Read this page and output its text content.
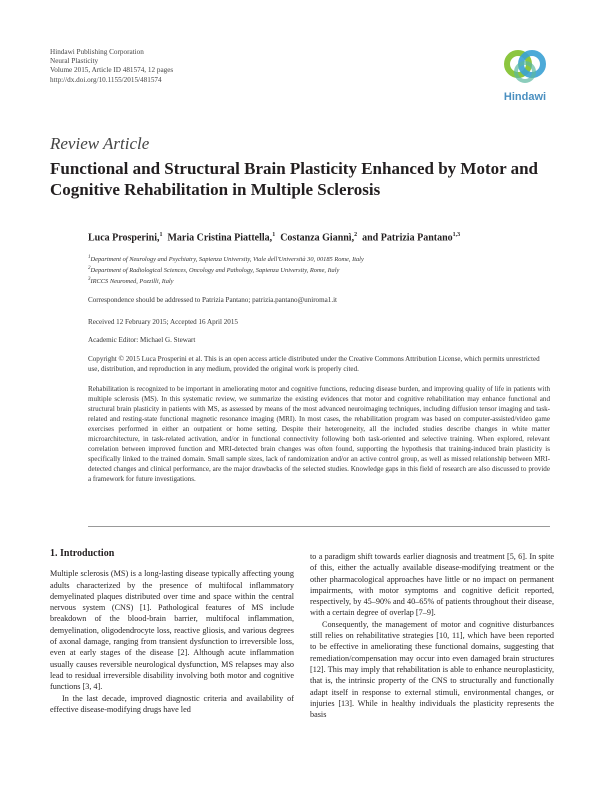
Hindawi Publishing Corporation
Neural Plasticity
Volume 2015, Article ID 481574, 12 pages
http://dx.doi.org/10.1155/2015/481574
Hindawi
Review Article
Functional and Structural Brain Plasticity Enhanced by Motor and Cognitive Rehabilitation in Multiple Sclerosis
Luca Prosperini,$^1$ Maria Cristina Piattella,$^1$ Costanza Giannì,$^2$ and Patrizia Pantano$^{1,3}$
$^1$Department of Neurology and Psychiatry, Sapienza University, Viale dell'Università 30, 00185 Rome, Italy
$^2$Department of Radiological Sciences, Oncology and Pathology, Sapienza University, Rome, Italy
$^3$IRCCS Neuromed, Pozzilli, Italy
Correspondence should be addressed to Patrizia Pantano; patrizia.pantano@uniroma1.it
Received 12 February 2015; Accepted 16 April 2015
Academic Editor: Michael G. Stewart
Copyright © 2015 Luca Prosperini et al. This is an open access article distributed under the Creative Commons Attribution License, which permits unrestricted use, distribution, and reproduction in any medium, provided the original work is properly cited.
Rehabilitation is recognized to be important in ameliorating motor and cognitive functions, reducing disease burden, and improving quality of life in patients with multiple sclerosis (MS). In this systematic review, we summarize the existing evidences that motor and cognitive rehabilitation may enhance functional and structural brain plasticity in patients with MS, as assessed by means of the most advanced neuroimaging techniques, including diffusion tensor imaging and task-related and resting-state functional magnetic resonance imaging (MRI). In most cases, the rehabilitation program was based on computer-assisted/video game exercises performed in either an outpatient or home setting. Despite their heterogeneity, all the included studies describe changes in white matter microarchitecture, in task-related activation, and/or in functional connectivity following both task-oriented and selective training. When explored, relevant correlation between improved function and MRI-detected brain changes was often found, supporting the hypothesis that training-induced brain plasticity is specifically linked to the trained domain. Small sample sizes, lack of randomization and/or an active control group, as well as missed relationship between MRI-detected changes and clinical performance, are the major drawbacks of the selected studies. Knowledge gaps in this field of research are also discussed to provide a framework for future investigations.
1. Introduction

Multiple sclerosis (MS) is a long-lasting disease typically affecting young adults characterized by the presence of multifocal inflammatory demyelinated plaques distributed over time and space within the central nervous system (CNS) [1]. Pathological features of MS include breakdown of the blood-brain barrier, multifocal inflammation, demyelination, oligodendrocyte loss, reactive gliosis, and various degrees of axonal damage, ranging from transient dysfunction to irreversible loss, even at early stages of the disease [2]. Although acute inflammation usually causes reversible neurological dysfunction, MS relapses may also lead to residual irreversible disability involving both motor and cognitive functions [3, 4].

In the last decade, improved diagnostic criteria and availability of effective disease-modifying drugs have led

to a paradigm shift towards earlier diagnosis and treatment [5, 6]. In spite of this, either the actually available disease-modifying treatment or the other pharmacological approaches have little or no impact on permanent impairments, with motor symptoms and cognitive deficit reported, respectively, by 45–90% and 40–65% of patients throughout their disease, with a certain degree of overlap [7–9].

Consequently, the management of motor and cognitive disturbances still relies on rehabilitative strategies [10, 11], which have been reported to be effective in ameliorating these functional domains, suggesting that remediation/compensation may occur into even damaged brain structures [12]. This may imply that rehabilitation is able to enhance neuroplasticity, that is, the intrinsic property of the CNS to structurally and functionally adapt itself in response to external stimuli, environmental changes, or injuries [13]. While in healthy individuals the plasticity represents the basis
